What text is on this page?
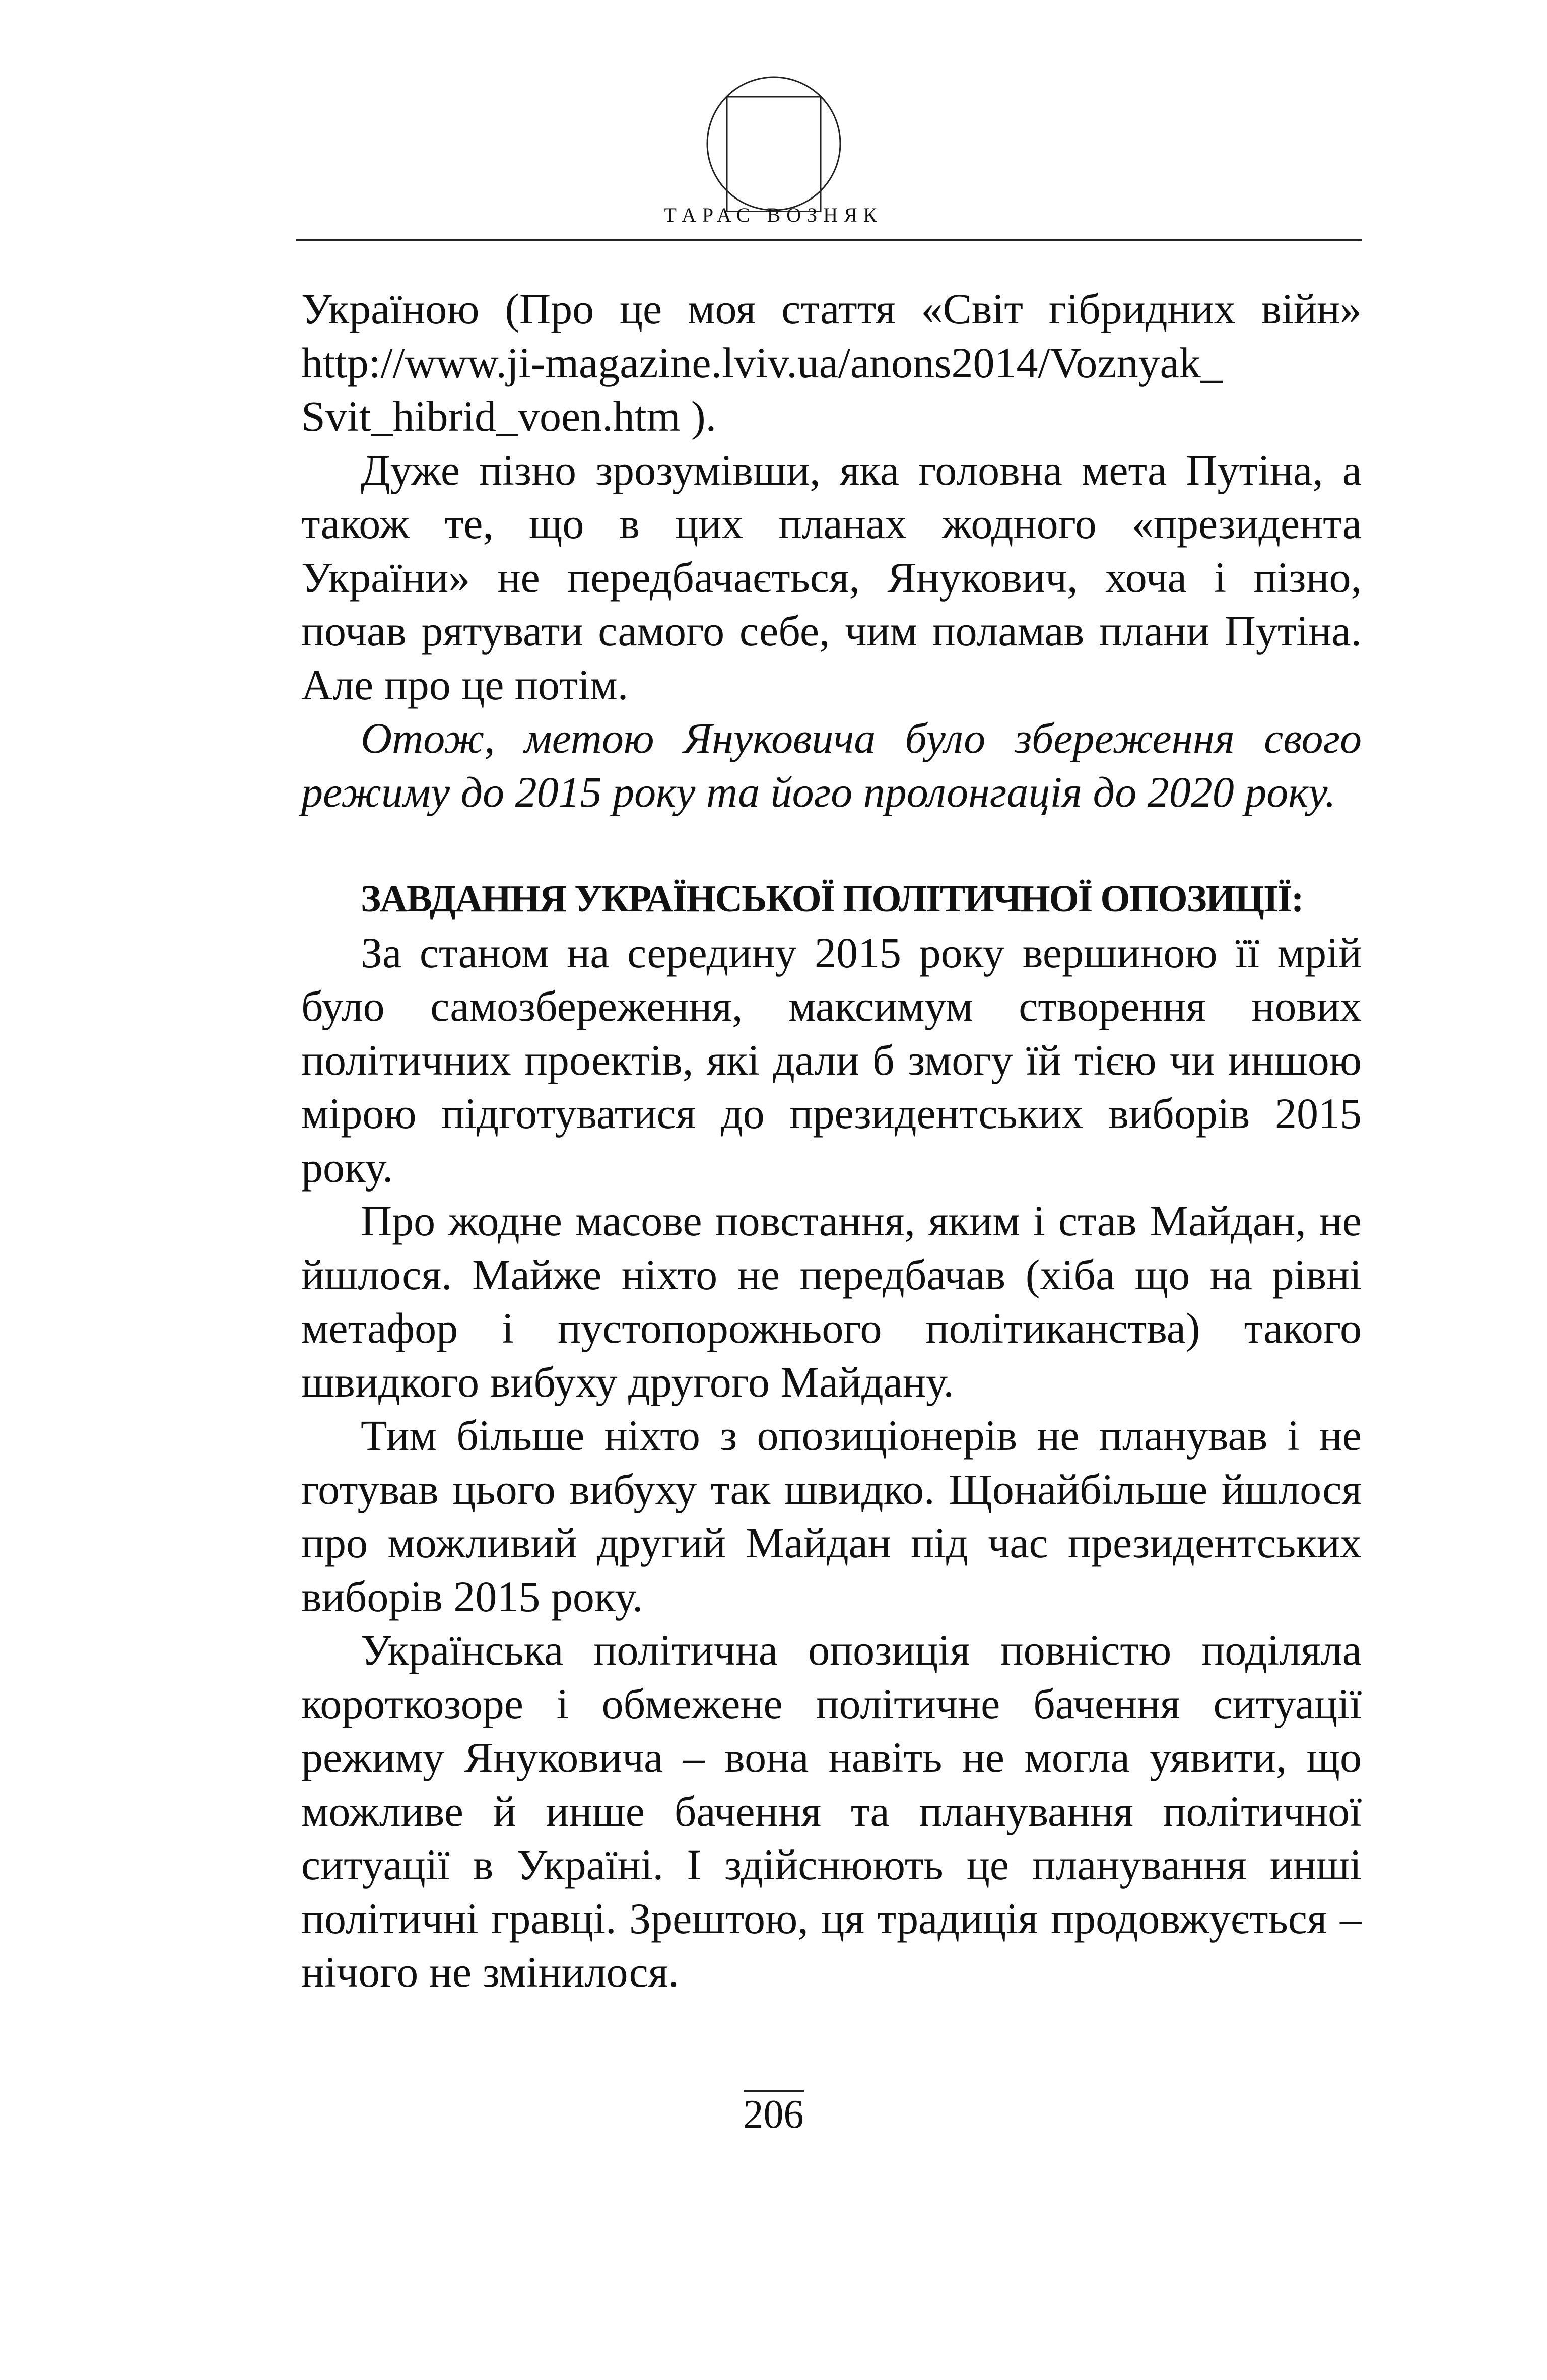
ТАРАС ВОЗНЯК

Україною (Про це моя стаття «Світ гібридних війн» http://www.ji-magazine.lviv.ua/anons2014/Voznyak_ Svit_hibrid_voen.htm ).

Дуже пізно зрозумівши, яка головна мета Путіна, а також те, що в цих планах жодного «президента України» не передбачається, Янукович, хоча і пізно, почав рятувати самого себе, чим поламав плани Путіна. Але про це потім.

Отож, метою Януковича було збереження свого режиму до 2015 року та його пролонгація до 2020 року.

ЗАВДАННЯ УКРАЇНСЬКОЇ ПОЛІТИЧНОЇ ОПОЗИЦІЇ:

За станом на середину 2015 року вершиною її мрій було самозбереження, максимум створення нових політичних проектів, які дали б змогу їй тією чи иншою мірою підготуватися до президентських виборів 2015 року.

Про жодне масове повстання, яким і став Майдан, не йшлося. Майже ніхто не передбачав (хіба що на рівні метафор і пустопорожнього політиканства) такого швидкого вибуху другого Майдану.

Тим більше ніхто з опозиціонерів не планував і не готував цього вибуху так швидко. Щонайбільше йшлося про можливий другий Майдан під час президентських виборів 2015 року.

Українська політична опозиція повністю поділяла короткозоре і обмежене політичне бачення ситуації режиму Януковича – вона навіть не могла уявити, що можливе й инше бачення та планування політичної ситуації в Україні. І здійснюють це планування инші політичні гравці. Зрештою, ця традиція продовжується – нічого не змінилося.

206
